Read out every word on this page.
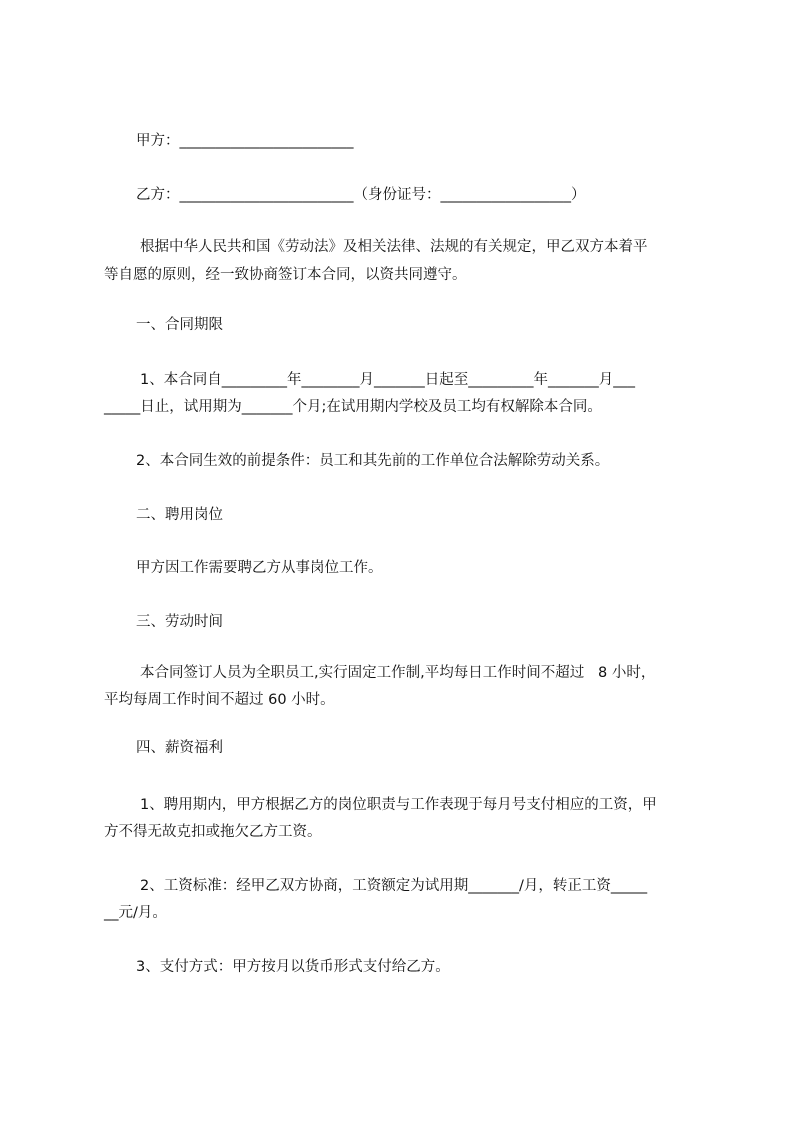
甲方：________________________
乙方：________________________（身份证号：__________________）
根据中华人民共和国《劳动法》及相关法律、法规的有关规定，甲乙双方本着平
等自愿的原则，经一致协商签订本合同，以资共同遵守。
一、合同期限
1、本合同自_________年________月_______日起至_________年_______月___
_____日止，试用期为_______个月;在试用期内学校及员工均有权解除本合同。
2、本合同生效的前提条件：员工和其先前的工作单位合法解除劳动关系。
二、聘用岗位
甲方因工作需要聘乙方从事岗位工作。
三、劳动时间
本合同签订人员为全职员工,实行固定工作制,平均每日工作时间不超过   8 小时，
平均每周工作时间不超过 60 小时。
四、薪资福利
1、聘用期内，甲方根据乙方的岗位职责与工作表现于每月号支付相应的工资，甲
方不得无故克扣或拖欠乙方工资。
2、工资标准：经甲乙双方协商，工资额定为试用期_______/月，转正工资_____
__元/月。
3、支付方式：甲方按月以货币形式支付给乙方。
